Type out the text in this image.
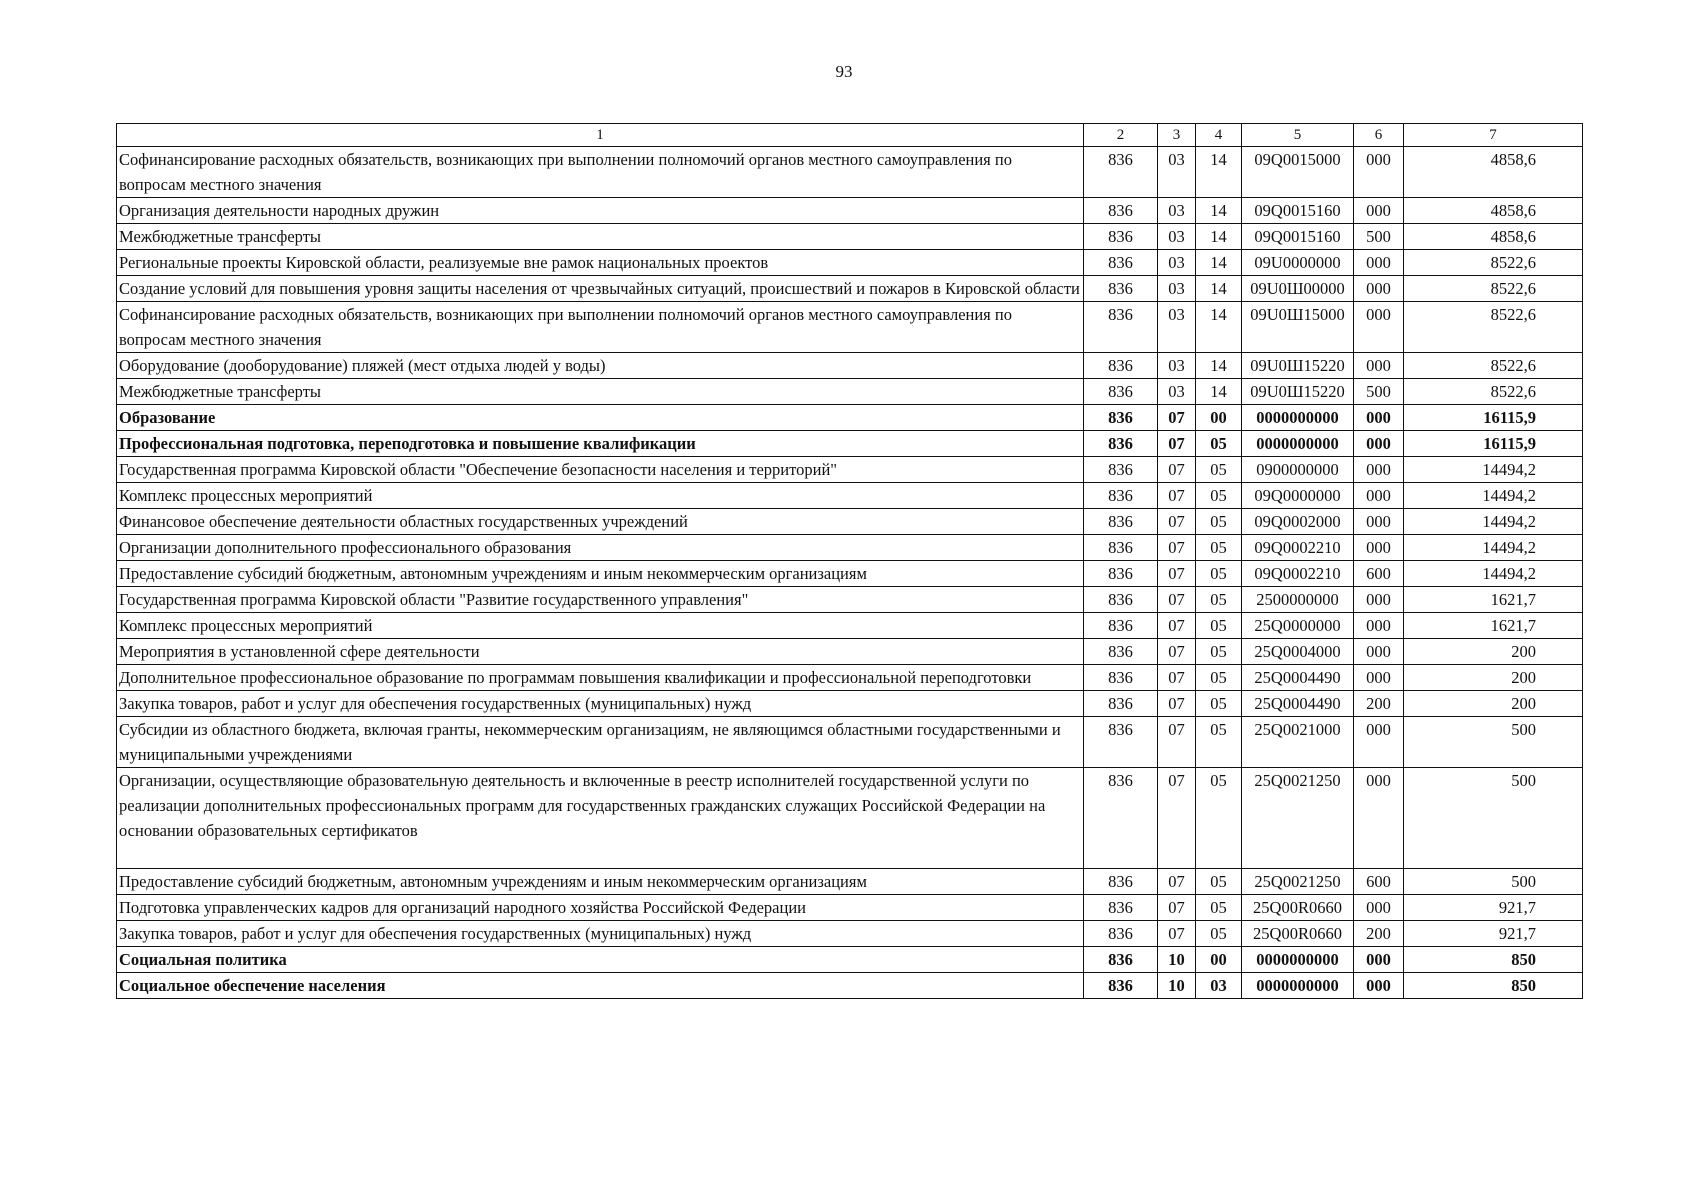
93
1	2	3	4	5	6	7
Софинансирование расходных обязательств, возникающих при выполнении полномочий органов местного самоуправления по вопросам местного значения	836	03	14	09Q0015000	000	4858,6
Организация деятельности народных дружин	836	03	14	09Q0015160	000	4858,6
Межбюджетные трансферты	836	03	14	09Q0015160	500	4858,6
Региональные проекты Кировской области, реализуемые вне рамок национальных проектов	836	03	14	09U0000000	000	8522,6
Создание условий для повышения уровня защиты населения от чрезвычайных ситуаций, происшествий и пожаров в Кировской области	836	03	14	09U0Ш00000	000	8522,6
Софинансирование расходных обязательств, возникающих при выполнении полномочий органов местного самоуправления по вопросам местного значения	836	03	14	09U0Ш15000	000	8522,6
Оборудование (дооборудование) пляжей (мест отдыха людей у воды)	836	03	14	09U0Ш15220	000	8522,6
Межбюджетные трансферты	836	03	14	09U0Ш15220	500	8522,6
Образование	836	07	00	0000000000	000	16115,9
Профессиональная подготовка, переподготовка и повышение квалификации	836	07	05	0000000000	000	16115,9
Государственная программа Кировской области "Обеспечение безопасности населения и территорий"	836	07	05	0900000000	000	14494,2
Комплекс процессных мероприятий	836	07	05	09Q0000000	000	14494,2
Финансовое обеспечение деятельности областных государственных учреждений	836	07	05	09Q0002000	000	14494,2
Организации дополнительного профессионального образования	836	07	05	09Q0002210	000	14494,2
Предоставление субсидий бюджетным, автономным учреждениям и иным некоммерческим организациям	836	07	05	09Q0002210	600	14494,2
Государственная программа Кировской области "Развитие государственного управления"	836	07	05	2500000000	000	1621,7
Комплекс процессных мероприятий	836	07	05	25Q0000000	000	1621,7
Мероприятия в установленной сфере деятельности	836	07	05	25Q0004000	000	200
Дополнительное профессиональное образование по программам повышения квалификации и профессиональной переподготовки	836	07	05	25Q0004490	000	200
Закупка товаров, работ и услуг для обеспечения государственных (муниципальных) нужд	836	07	05	25Q0004490	200	200
Субсидии из областного бюджета, включая гранты, некоммерческим организациям, не являющимся областными государственными и муниципальными учреждениями	836	07	05	25Q0021000	000	500
Организации, осуществляющие образовательную деятельность и включенные в реестр исполнителей государственной услуги по реализации дополнительных профессиональных программ для государственных гражданских служащих Российской Федерации на основании образовательных сертификатов	836	07	05	25Q0021250	000	500
Предоставление субсидий бюджетным, автономным учреждениям и иным некоммерческим организациям	836	07	05	25Q0021250	600	500
Подготовка управленческих кадров для организаций народного хозяйства Российской Федерации	836	07	05	25Q00R0660	000	921,7
Закупка товаров, работ и услуг для обеспечения государственных (муниципальных) нужд	836	07	05	25Q00R0660	200	921,7
Социальная политика	836	10	00	0000000000	000	850
Социальное обеспечение населения	836	10	03	0000000000	000	850
